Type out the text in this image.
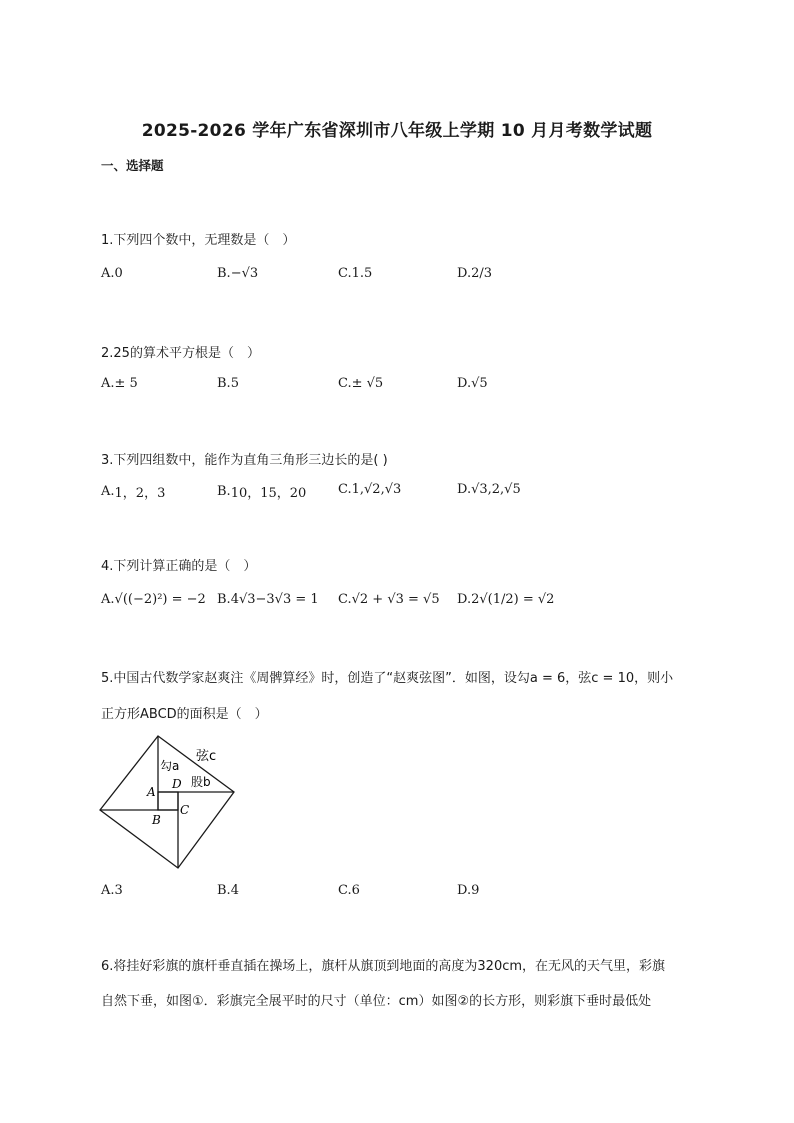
2025-2026 学年广东省深圳市八年级上学期 10 月月考数学试题
一、选择题
1.下列四个数中，无理数是（　）
A. 0	B. −√3	C. 1.5	D. 2/3
2.25的算术平方根是（　）
A. ± 5	B. 5	C. ± √5	D. √5
3.下列四组数中，能作为直角三角形三边长的是( )
A. 1，2，3	B. 10，15，20 C. 1,√2,√3	D. √3,2,√5
4.下列计算正确的是（　）
A. √((−2)²) = −2 B. 4√3−3√3 = 1 C. √2 + √3 = √5 D. 2√(1/2) = √2
5.中国古代数学家赵爽注《周髀算经》时，创造了“赵爽弦图”．如图，设勾a = 6，弦c = 10，则小
正方形ABCD的面积是（　）
弦c
勾a
股b
A
D
B
C
A. 3	B. 4	C. 6	D. 9
6.将挂好彩旗的旗杆垂直插在操场上，旗杆从旗顶到地面的高度为320cm，在无风的天气里，彩旗
自然下垂，如图①．彩旗完全展平时的尺寸（单位：cm）如图②的长方形，则彩旗下垂时最低处
